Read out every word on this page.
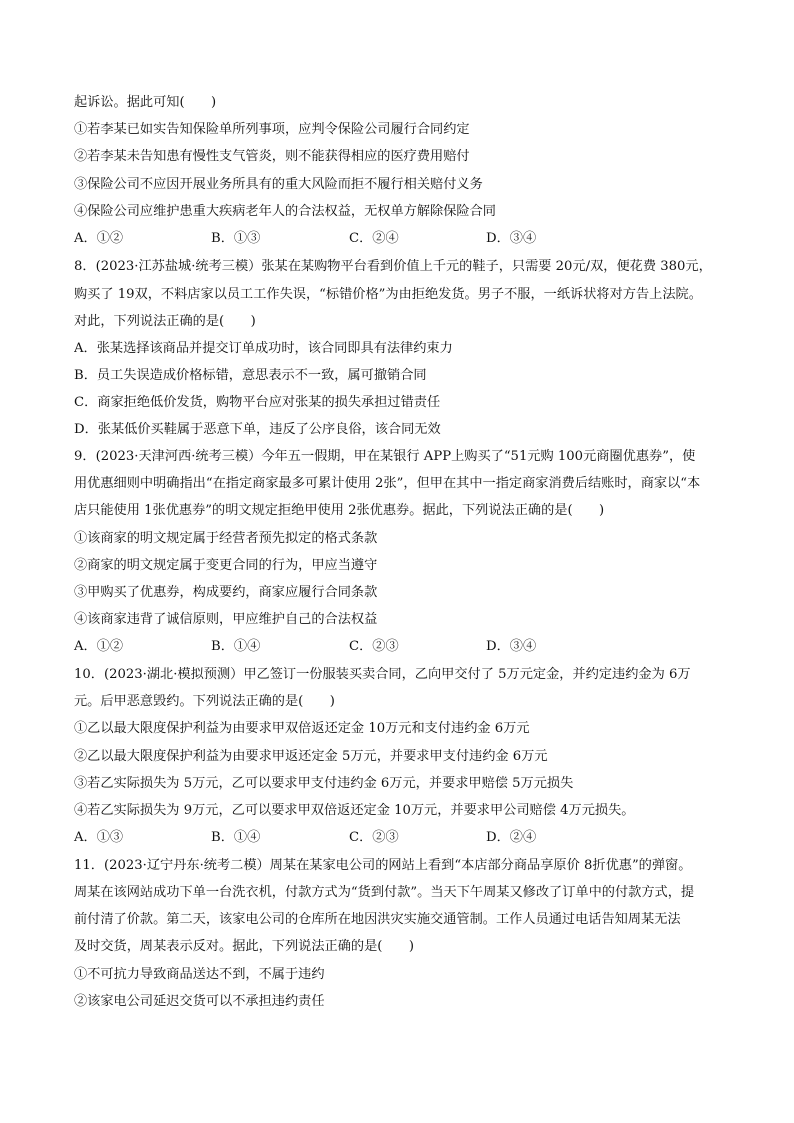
起诉讼。据此可知(　　)
①若李某已如实告知保险单所列事项，应判令保险公司履行合同约定
②若李某未告知患有慢性支气管炎，则不能获得相应的医疗费用赔付
③保险公司不应因开展业务所具有的重大风险而拒不履行相关赔付义务
④保险公司应维护患重大疾病老年人的合法权益，无权单方解除保险合同
A．①②	B．①③	C．②④	D．③④
8．(2023·江苏盐城·统考三模）张某在某购物平台看到价值上千元的鞋子，只需要 20元/双，便花费 380元，
购买了 19双，不料店家以员工工作失误，“标错价格”为由拒绝发货。男子不服，一纸诉状将对方告上法院。
对此，下列说法正确的是(　　)
A．张某选择该商品并提交订单成功时，该合同即具有法律约束力
B．员工失误造成价格标错，意思表示不一致，属可撤销合同
C．商家拒绝低价发货，购物平台应对张某的损失承担过错责任
D．张某低价买鞋属于恶意下单，违反了公序良俗，该合同无效
9．(2023·天津河西·统考三模）今年五一假期，甲在某银行 APP上购买了“51元购 100元商圈优惠券”，使
用优惠细则中明确指出“在指定商家最多可累计使用 2张”，但甲在其中一指定商家消费后结账时，商家以“本
店只能使用 1张优惠券”的明文规定拒绝甲使用 2张优惠券。据此，下列说法正确的是(　　)
①该商家的明文规定属于经营者预先拟定的格式条款
②商家的明文规定属于变更合同的行为，甲应当遵守
③甲购买了优惠券，构成要约，商家应履行合同条款
④该商家违背了诚信原则，甲应维护自己的合法权益
A．①②	B．①④	C．②③	D．③④
10．(2023·湖北·模拟预测）甲乙签订一份服装买卖合同，乙向甲交付了 5万元定金，并约定违约金为 6万
元。后甲恶意毁约。下列说法正确的是(　　)
①乙以最大限度保护利益为由要求甲双倍返还定金 10万元和支付违约金 6万元
②乙以最大限度保护利益为由要求甲返还定金 5万元，并要求甲支付违约金 6万元
③若乙实际损失为 5万元，乙可以要求甲支付违约金 6万元，并要求甲赔偿 5万元损失
④若乙实际损失为 9万元，乙可以要求甲双倍返还定金 10万元，并要求甲公司赔偿 4万元损失。
A．①③	B．①④	C．②③	D．②④
11．(2023·辽宁丹东·统考二模）周某在某家电公司的网站上看到“本店部分商品享原价 8折优惠”的弹窗。
周某在该网站成功下单一台洗衣机，付款方式为“货到付款”。当天下午周某又修改了订单中的付款方式，提
前付清了价款。第二天，该家电公司的仓库所在地因洪灾实施交通管制。工作人员通过电话告知周某无法
及时交货，周某表示反对。据此，下列说法正确的是(　　)
①不可抗力导致商品送达不到，不属于违约
②该家电公司延迟交货可以不承担违约责任
